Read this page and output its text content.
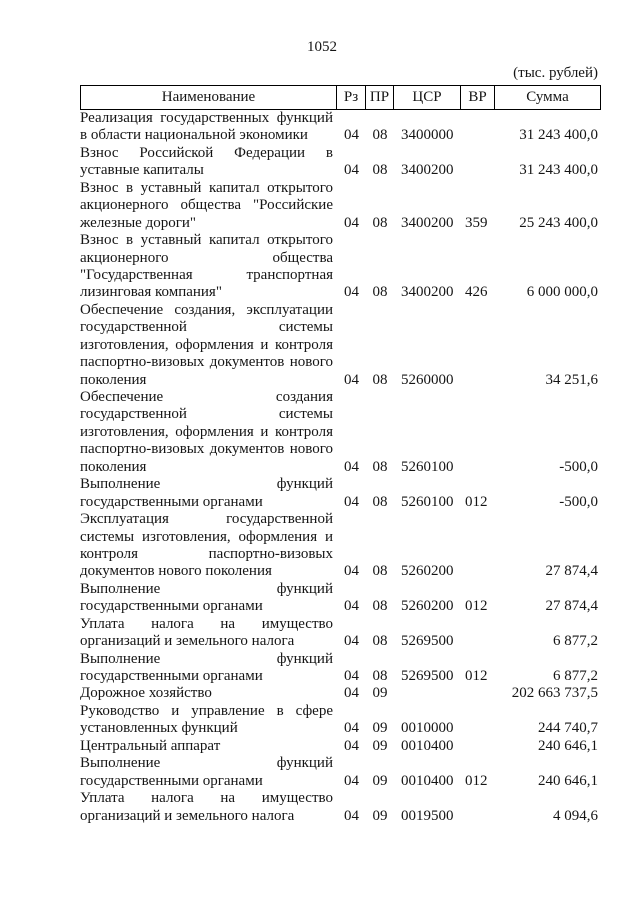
1052
(тыс. рублей)
Наименование	Рз ПР	ЦСР	ВР	Сумма
Реализация государственных функций
в области национальной экономики	04 08 3400000	31 243 400,0
Взнос Российской Федерации в
уставные капиталы	04 08 3400200	31 243 400,0
Взнос в уставный капитал открытого
акционерного общества "Российские
железные дороги"	04 08 3400200 359	25 243 400,0
Взнос в уставный капитал открытого
акционерного общества
"Государственная транспортная
лизинговая компания"	04 08 3400200 426	6 000 000,0
Обеспечение создания, эксплуатации
государственной системы
изготовления, оформления и контроля
паспортно-визовых документов нового
поколения	04 08 5260000	34 251,6
Обеспечение создания
государственной системы
изготовления, оформления и контроля
паспортно-визовых документов нового
поколения	04 08 5260100	-500,0
Выполнение функций
государственными органами	04 08 5260100 012	-500,0
Эксплуатация государственной
системы изготовления, оформления и
контроля паспортно-визовых
документов нового поколения	04 08 5260200	27 874,4
Выполнение функций
государственными органами	04 08 5260200 012	27 874,4
Уплата налога на имущество
организаций и земельного налога	04 08 5269500	6 877,2
Выполнение функций
государственными органами	04 08 5269500 012	6 877,2
Дорожное хозяйство	04 09	202 663 737,5
Руководство и управление в сфере
установленных функций	04 09 0010000	244 740,7
Центральный аппарат	04 09 0010400	240 646,1
Выполнение функций
государственными органами	04 09 0010400 012	240 646,1
Уплата налога на имущество
организаций и земельного налога	04 09 0019500	4 094,6
